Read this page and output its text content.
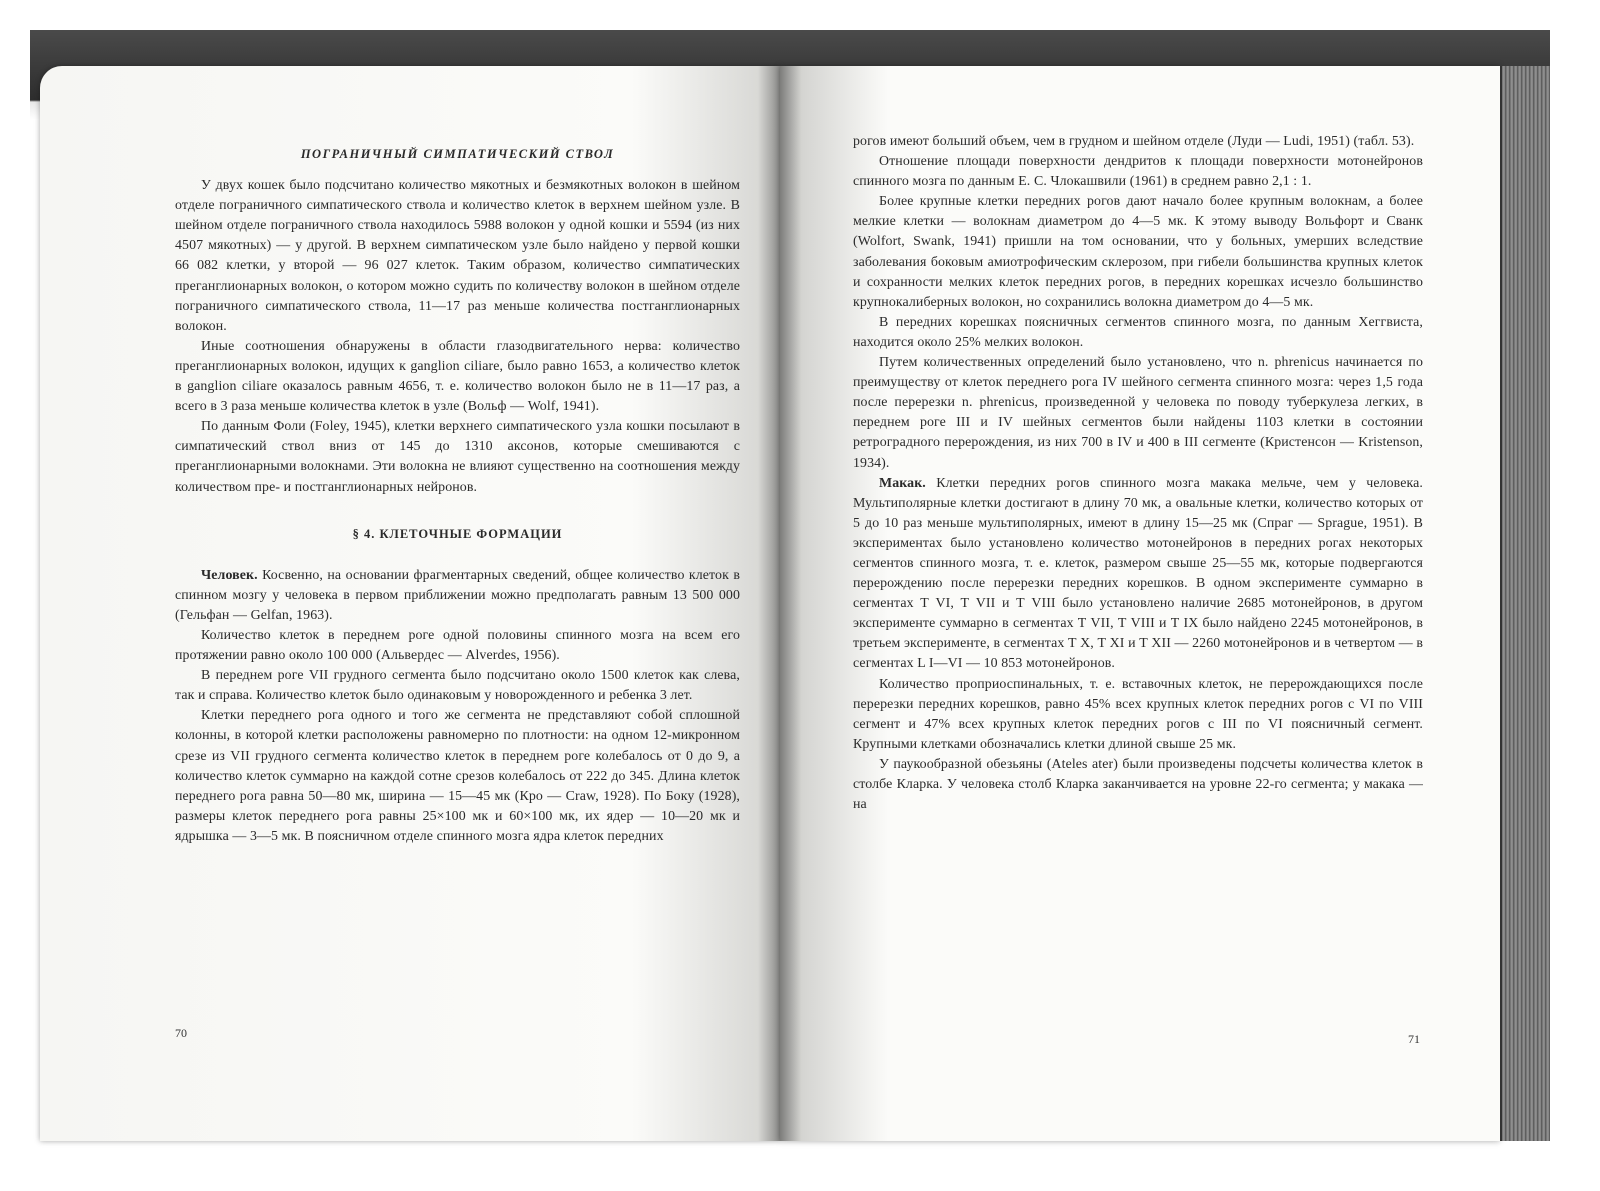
ПОГРАНИЧНЫЙ СИМПАТИЧЕСКИЙ СТВОЛ

У двух кошек было подсчитано количество мякотных и безмякотных волокон в шейном отделе пограничного симпатического ствола и количество клеток в верхнем шейном узле. В шейном отделе пограничного ствола находилось 5988 волокон у одной кошки и 5594 (из них 4507 мякотных) — у другой. В верхнем симпатическом узле было найдено у первой кошки 66 082 клетки, у второй — 96 027 клеток. Таким образом, количество симпатических преганглионарных волокон, о котором можно судить по количеству волокон в шейном отделе пограничного симпатического ствола, 11—17 раз меньше количества постганглионарных волокон.

Иные соотношения обнаружены в области глазодвигательного нерва: количество преганглионарных волокон, идущих к ganglion ciliare, было равно 1653, а количество клеток в ganglion ciliare оказалось равным 4656, т. е. количество волокон было не в 11—17 раз, а всего в 3 раза меньше количества клеток в узле (Вольф — Wolf, 1941).

По данным Фоли (Foley, 1945), клетки верхнего симпатического узла кошки посылают в симпатический ствол вниз от 145 до 1310 аксонов, которые смешиваются с преганглионарными волокнами. Эти волокна не влияют существенно на соотношения между количеством пре- и постганглионарных нейронов.

§ 4. КЛЕТОЧНЫЕ ФОРМАЦИИ

Человек. Косвенно, на основании фрагментарных сведений, общее количество клеток в спинном мозгу у человека в первом приближении можно предполагать равным 13 500 000 (Гельфан — Gelfan, 1963).

Количество клеток в переднем роге одной половины спинного мозга на всем его протяжении равно около 100 000 (Альвердес — Alverdes, 1956).

В переднем роге VII грудного сегмента было подсчитано около 1500 клеток как слева, так и справа. Количество клеток было одинаковым у новорожденного и ребенка 3 лет.

Клетки переднего рога одного и того же сегмента не представляют собой сплошной колонны, в которой клетки расположены равномерно по плотности: на одном 12-микронном срезе из VII грудного сегмента количество клеток в переднем роге колебалось от 0 до 9, а количество клеток суммарно на каждой сотне срезов колебалось от 222 до 345. Длина клеток переднего рога равна 50—80 мк, ширина — 15—45 мк (Кро — Craw, 1928). По Боку (1928), размеры клеток переднего рога равны 25×100 мк и 60×100 мк, их ядер — 10—20 мк и ядрышка — 3—5 мк. В поясничном отделе спинного мозга ядра клеток передних

70

рогов имеют больший объем, чем в грудном и шейном отделе (Луди — Ludi, 1951) (табл. 53).

Отношение площади поверхности дендритов к площади поверхности мотонейронов спинного мозга по данным Е. С. Члокашвили (1961) в среднем равно 2,1 : 1.

Более крупные клетки передних рогов дают начало более крупным волокнам, а более мелкие клетки — волокнам диаметром до 4—5 мк. К этому выводу Вольфорт и Сванк (Wolfort, Swank, 1941) пришли на том основании, что у больных, умерших вследствие заболевания боковым амиотрофическим склерозом, при гибели большинства крупных клеток и сохранности мелких клеток передних рогов, в передних корешках исчезло большинство крупнокалиберных волокон, но сохранились волокна диаметром до 4—5 мк.

В передних корешках поясничных сегментов спинного мозга, по данным Хеггвиста, находится около 25% мелких волокон.

Путем количественных определений было установлено, что n. phrenicus начинается по преимуществу от клеток переднего рога IV шейного сегмента спинного мозга: через 1,5 года после перерезки n. phrenicus, произведенной у человека по поводу туберкулеза легких, в переднем роге III и IV шейных сегментов были найдены 1103 клетки в состоянии ретроградного перерождения, из них 700 в IV и 400 в III сегменте (Кристенсон — Kristenson, 1934).

Макак. Клетки передних рогов спинного мозга макака мельче, чем у человека. Мультиполярные клетки достигают в длину 70 мк, а овальные клетки, количество которых от 5 до 10 раз меньше мультиполярных, имеют в длину 15—25 мк (Спраг — Sprague, 1951). В экспериментах было установлено количество мотонейронов в передних рогах некоторых сегментов спинного мозга, т. е. клеток, размером свыше 25—55 мк, которые подвергаются перерождению после перерезки передних корешков. В одном эксперименте суммарно в сегментах Т VI, Т VII и Т VIII было установлено наличие 2685 мотонейронов, в другом эксперименте суммарно в сегментах Т VII, Т VIII и Т IX было найдено 2245 мотонейронов, в третьем эксперименте, в сегментах Т X, Т XI и Т XII — 2260 мотонейронов и в четвертом — в сегментах L I—VI — 10 853 мотонейронов.

Количество проприоспинальных, т. е. вставочных клеток, не перерождающихся после перерезки передних корешков, равно 45% всех крупных клеток передних рогов с VI по VIII сегмент и 47% всех крупных клеток передних рогов с III по VI поясничный сегмент. Крупными клетками обозначались клетки длиной свыше 25 мк.

У паукообразной обезьяны (Ateles ater) были произведены подсчеты количества клеток в столбе Кларка. У человека столб Кларка заканчивается на уровне 22-го сегмента; у макака — на

71
